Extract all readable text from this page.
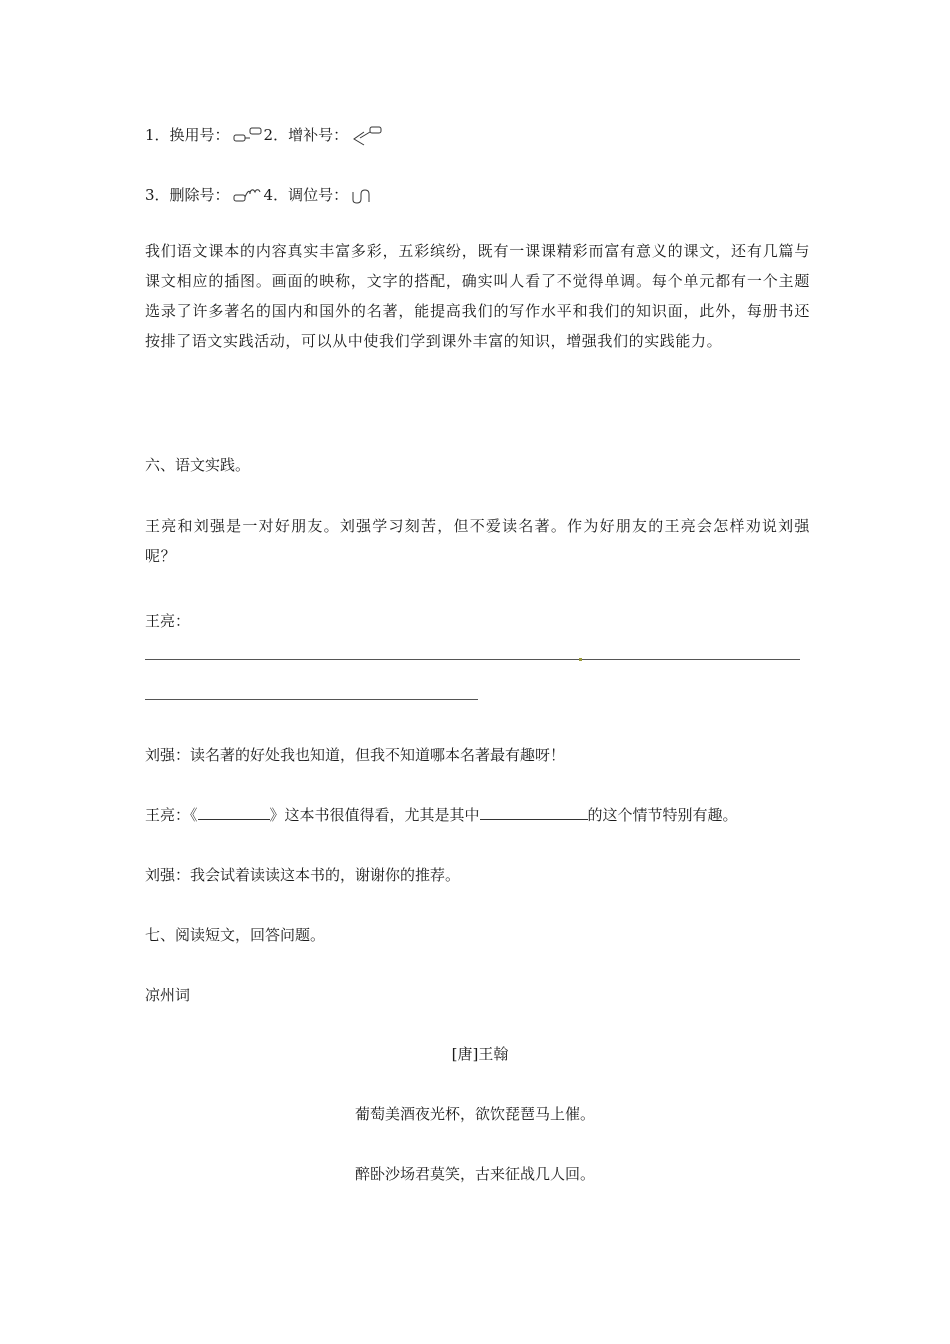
1．换用号： 2．增补号：
3．删除号： 4．调位号：
我们语文课本的内容真实丰富多彩，五彩缤纷，既有一课课精彩而富有意义的课文，还有几篇与课文相应的插图。画面的映称，文字的搭配，确实叫人看了不觉得单调。每个单元都有一个主题选录了许多著名的国内和国外的名著，能提高我们的写作水平和我们的知识面，此外，每册书还按排了语文实践活动，可以从中使我们学到课外丰富的知识，增强我们的实践能力。
六、语文实践。
王亮和刘强是一对好朋友。刘强学习刻苦，但不爱读名著。作为好朋友的王亮会怎样劝说刘强呢？
王亮：
刘强：读名著的好处我也知道，但我不知道哪本名著最有趣呀！
王亮：《	》这本书很值得看，尤其是其中	的这个情节特别有趣。
刘强：我会试着读读这本书的，谢谢你的推荐。
七、阅读短文，回答问题。
凉州词
[唐]王翰
葡萄美酒夜光杯，欲饮琵琶马上催。
醉卧沙场君莫笑，古来征战几人回。
